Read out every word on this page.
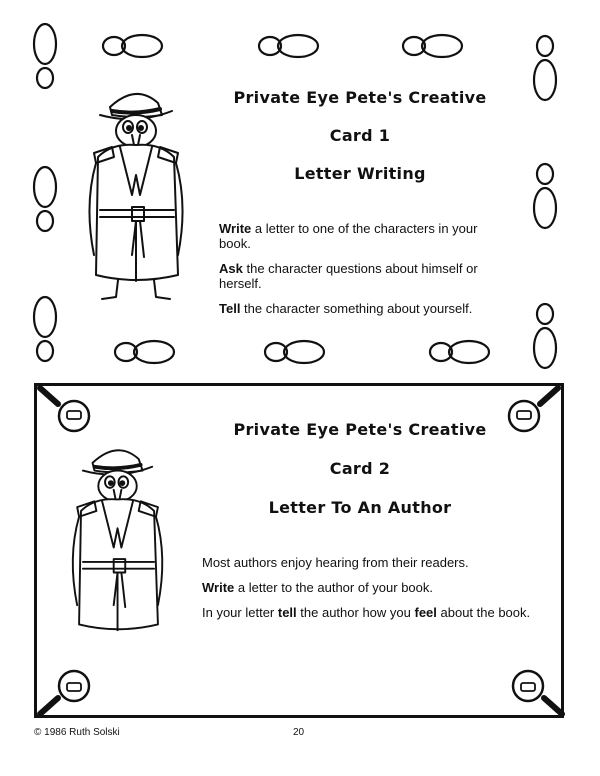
Private Eye Pete's Creative
Card 1
Letter Writing

Write a letter to one of the characters in your book.

Ask the character questions about himself or herself.

Tell the character something about yourself.

Private Eye Pete's Creative
Card 2
Letter To An Author

Most authors enjoy hearing from their readers.

Write a letter to the author of your book.

In your letter tell the author how you feel about the book.

© 1986 Ruth Solski	20
